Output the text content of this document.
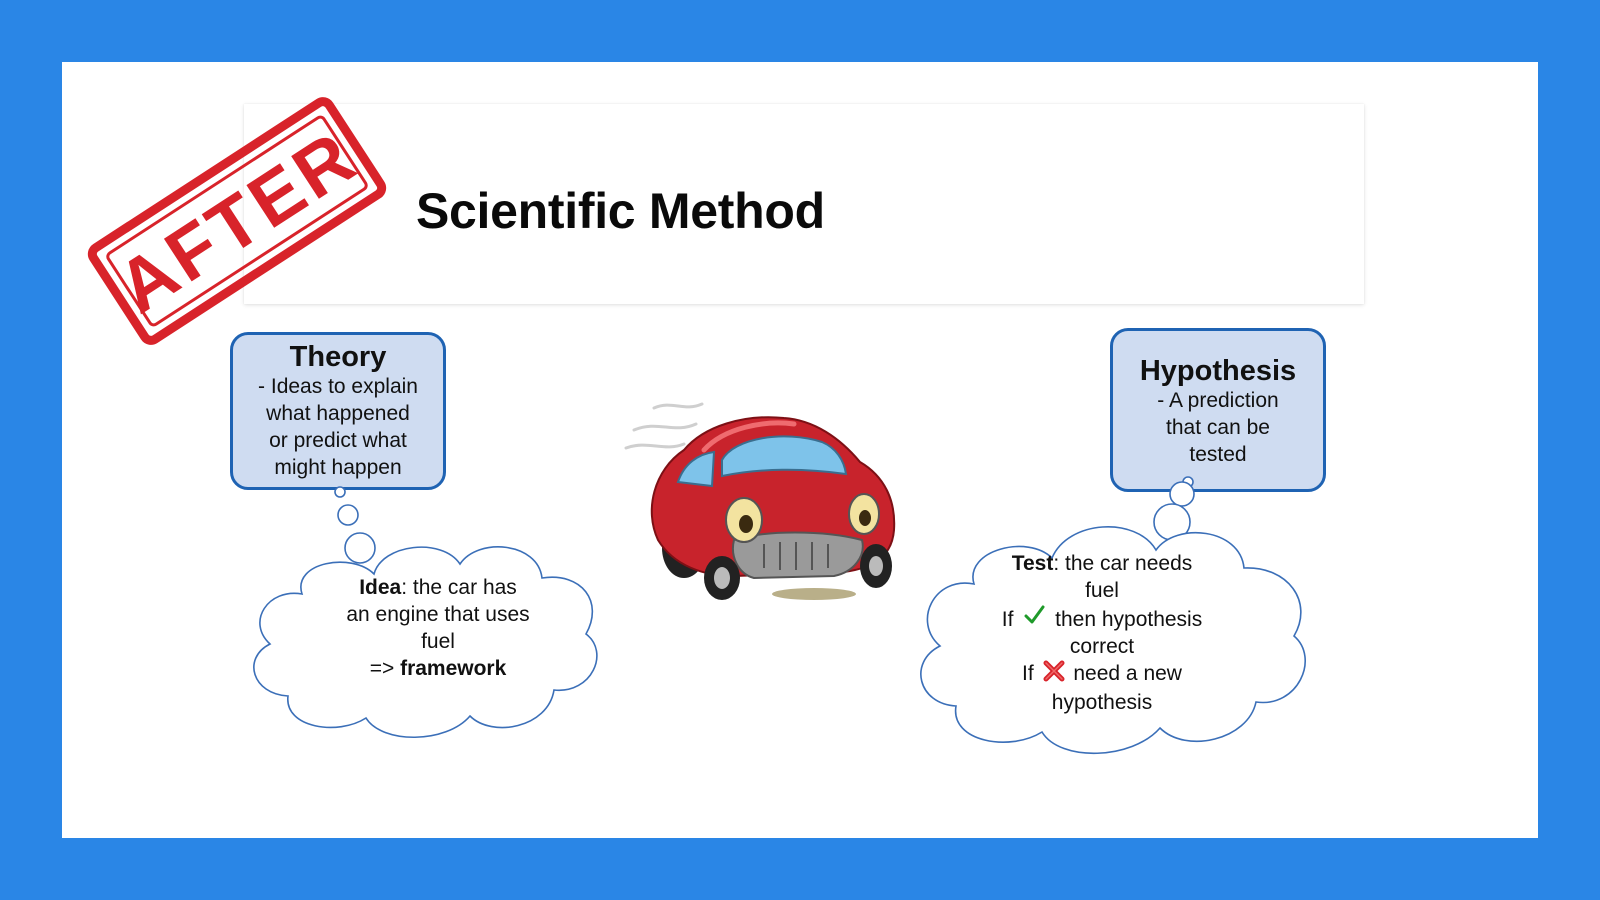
Scientific Method
AFTER
Theory
- Ideas to explain
what happened
or predict what
might happen
Hypothesis
- A prediction
that can be
tested
Idea: the car has
an engine that uses
fuel
=> framework
Test: the car needs
fuel
If then hypothesis
correct
If need a new
hypothesis
